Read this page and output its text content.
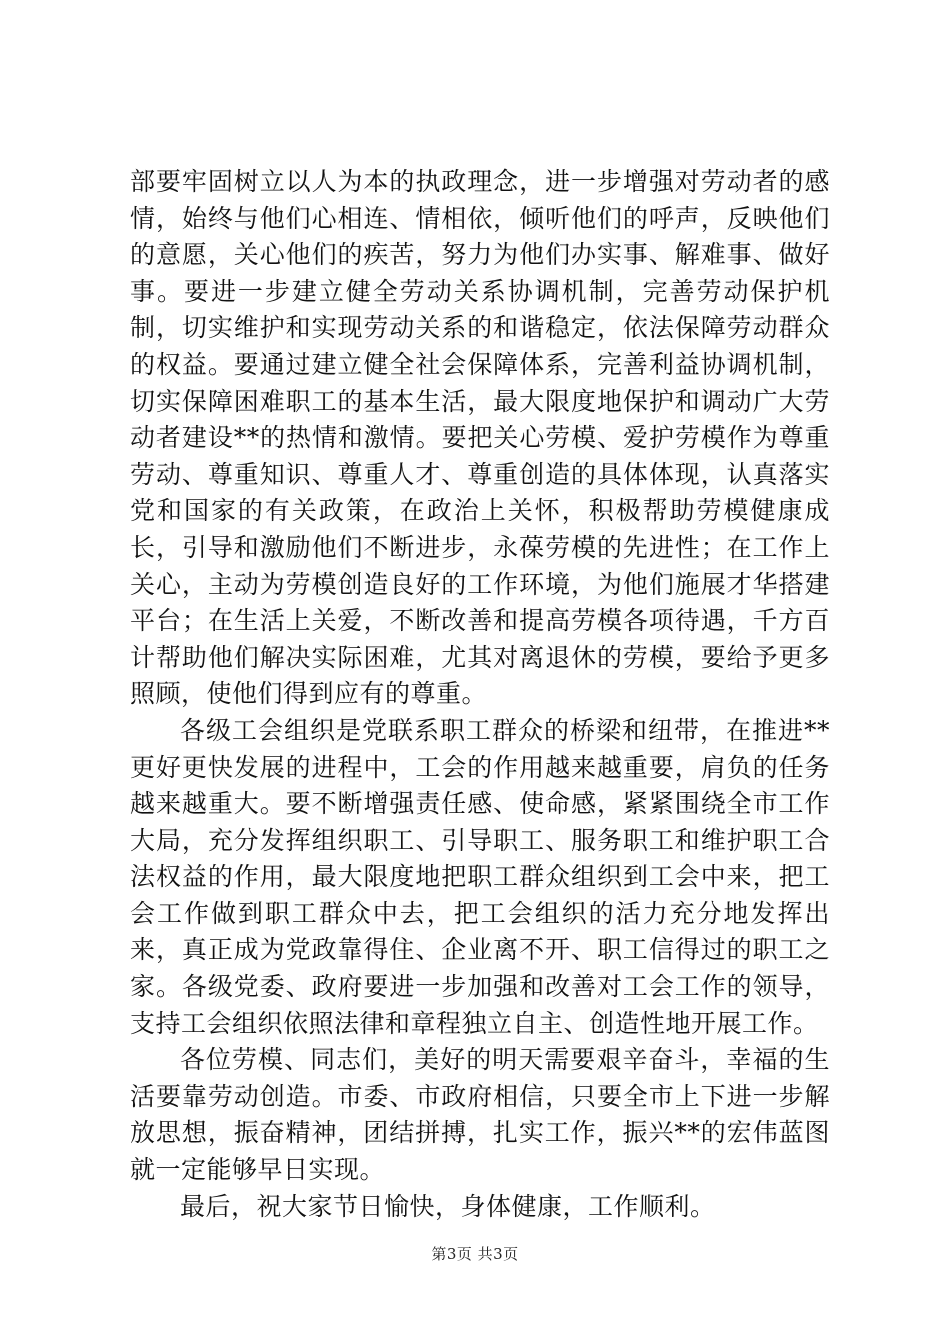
部要牢固树立以人为本的执政理念，进一步增强对劳动者的感情，始终与他们心相连、情相依，倾听他们的呼声，反映他们的意愿，关心他们的疾苦，努力为他们办实事、解难事、做好事。要进一步建立健全劳动关系协调机制，完善劳动保护机制，切实维护和实现劳动关系的和谐稳定，依法保障劳动群众的权益。要通过建立健全社会保障体系，完善利益协调机制，切实保障困难职工的基本生活，最大限度地保护和调动广大劳动者建设**的热情和激情。要把关心劳模、爱护劳模作为尊重劳动、尊重知识、尊重人才、尊重创造的具体体现，认真落实党和国家的有关政策，在政治上关怀，积极帮助劳模健康成长，引导和激励他们不断进步，永葆劳模的先进性；在工作上关心，主动为劳模创造良好的工作环境，为他们施展才华搭建平台；在生活上关爱，不断改善和提高劳模各项待遇，千方百计帮助他们解决实际困难，尤其对离退休的劳模，要给予更多照顾，使他们得到应有的尊重。

各级工会组织是党联系职工群众的桥梁和纽带，在推进**更好更快发展的进程中，工会的作用越来越重要，肩负的任务越来越重大。要不断增强责任感、使命感，紧紧围绕全市工作大局，充分发挥组织职工、引导职工、服务职工和维护职工合法权益的作用，最大限度地把职工群众组织到工会中来，把工会工作做到职工群众中去，把工会组织的活力充分地发挥出来，真正成为党政靠得住、企业离不开、职工信得过的职工之家。各级党委、政府要进一步加强和改善对工会工作的领导，支持工会组织依照法律和章程独立自主、创造性地开展工作。

各位劳模、同志们，美好的明天需要艰辛奋斗，幸福的生活要靠劳动创造。市委、市政府相信，只要全市上下进一步解放思想，振奋精神，团结拼搏，扎实工作，振兴**的宏伟蓝图就一定能够早日实现。

最后，祝大家节日愉快，身体健康，工作顺利。

第3页 共3页
